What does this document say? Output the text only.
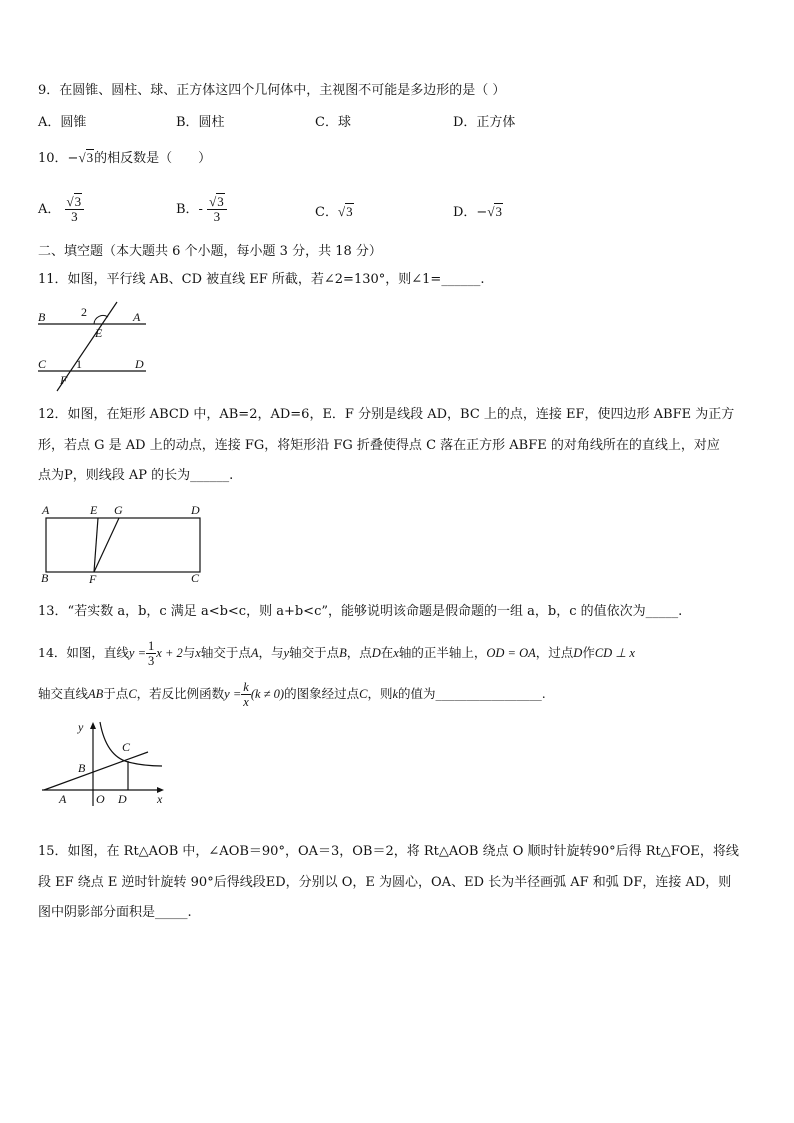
9．在圆锥、圆柱、球、正方体这四个几何体中，主视图不可能是多边形的是（ ）
A．圆锥	B．圆柱	C．球	D．正方体
10．−√3的相反数是（　　）
A． $\frac{√3}{3}$	B．- $\frac{√3}{3}$	C．√3	D．−√3
二、填空题（本大题共 6 个小题，每小题 3 分，共 18 分）
11．如图，平行线 AB、CD 被直线 EF 所截，若∠2=130°，则∠1=______.
B	A
2
E
C 1	D
F
12．如图，在矩形 ABCD 中，AB=2，AD=6，E．F 分别是线段 AD，BC 上的点，连接 EF，使四边形 ABFE 为正方
形，若点 G 是 AD 上的动点，连接 FG，将矩形沿 FG 折叠使得点 C 落在正方形 ABFE 的对角线所在的直线上，对应
点为P，则线段 AP 的长为______.
A	E G	D
B	F	C
13．“若实数 a，b，c 满足 a<b<c，则 a+b<c”，能够说明该命题是假命题的一组 a，b，c 的值依次为_____.
14．如图，直线$y = \frac{1}{3}$ x + 2与x轴交于点A，与y轴交于点B，点D在x轴的正半轴上，OD = OA，过点D作CD ⊥ x
轴交直线AB于点C，若反比例函数$y = \frac{k}{x} (k \ne 0)$的图象经过点C，则k的值为_________________.
y
C
B
A O D	x
15．如图，在 Rt△AOB 中，∠AOB＝90°，OA＝3，OB＝2，将 Rt△AOB 绕点 O 顺时针旋转90°后得 Rt△FOE，将线
段 EF 绕点 E 逆时针旋转 90°后得线段ED，分别以 O，E 为圆心，OA、ED 长为半径画弧 AF 和弧 DF，连接 AD，则
图中阴影部分面积是_____.
